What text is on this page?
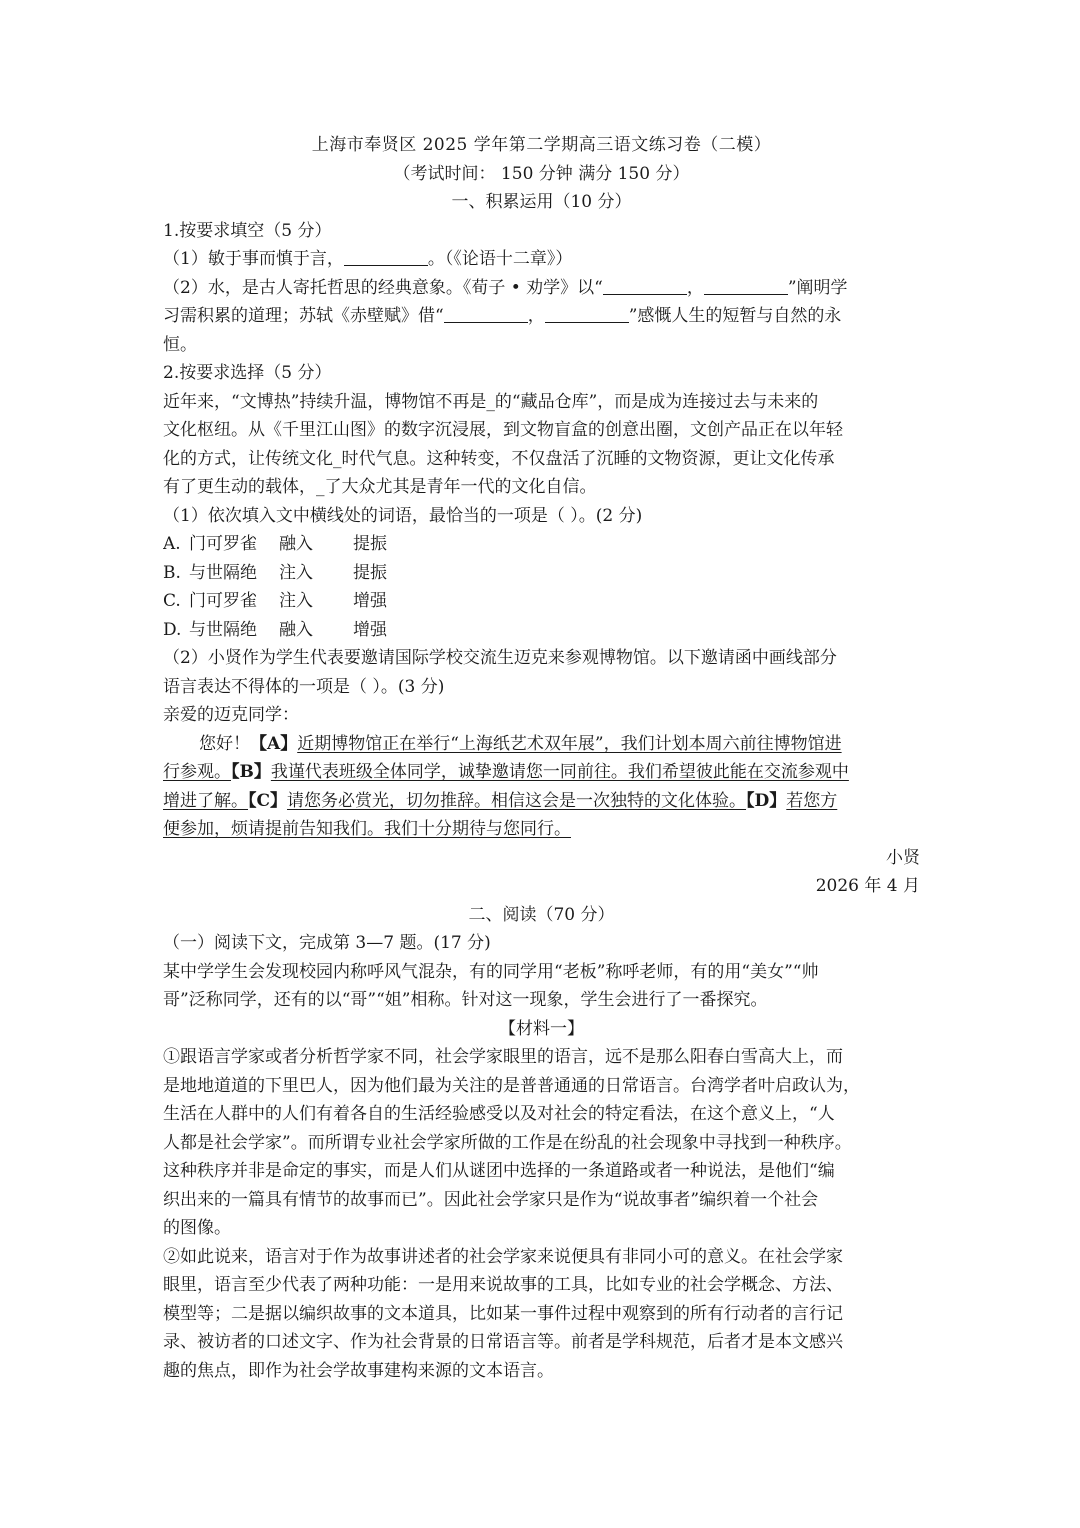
上海市奉贤区 2025 学年第二学期高三语文练习卷（二模）
（考试时间： 150 分钟 满分 150 分）
一、积累运用（10 分）
1.按要求填空（5 分）
（1）敏于事而慎于言，	。（《论语十二章》）
（2）水，是古人寄托哲思的经典意象。《荀子 • 劝学》以“	，	”阐明学
习需积累的道理；苏轼《赤壁赋》借“	，	”感慨人生的短暂与自然的永
恒。
2.按要求选择（5 分）
近年来，“文博热”持续升温，博物馆不再是_的“藏品仓库”，而是成为连接过去与未来的
文化枢纽。从《千里江山图》的数字沉浸展，到文物盲盒的创意出圈，文创产品正在以年轻
化的方式，让传统文化_时代气息。这种转变，不仅盘活了沉睡的文物资源，更让文化传承
有了更生动的载体，_了大众尤其是青年一代的文化自信。
（1）依次填入文中横线处的词语，最恰当的一项是（ ）。(2 分)
A. 门可罗雀 融入 提振
B. 与世隔绝 注入 提振
C. 门可罗雀 注入 增强
D. 与世隔绝 融入 增强
（2）小贤作为学生代表要邀请国际学校交流生迈克来参观博物馆。以下邀请函中画线部分
语言表达不得体的一项是（ ）。(3 分)
亲爱的迈克同学：
您好！【A】近期博物馆正在举行“上海纸艺术双年展”，我们计划本周六前往博物馆进
行参观。【B】我谨代表班级全体同学，诚挚邀请您一同前往。我们希望彼此能在交流参观中
增进了解。【C】请您务必赏光，切勿推辞。相信这会是一次独特的文化体验。【D】若您方
便参加，烦请提前告知我们。我们十分期待与您同行。
小贤
2026 年 4 月
二、阅读（70 分）
（一）阅读下文，完成第 3—7 题。(17 分)
某中学学生会发现校园内称呼风气混杂，有的同学用“老板”称呼老师，有的用“美女”“帅
哥”泛称同学，还有的以“哥”“姐”相称。针对这一现象，学生会进行了一番探究。
【材料一】
①跟语言学家或者分析哲学家不同，社会学家眼里的语言，远不是那么阳春白雪高大上，而
是地地道道的下里巴人，因为他们最为关注的是普普通通的日常语言。台湾学者叶启政认为，
生活在人群中的人们有着各自的生活经验感受以及对社会的特定看法，在这个意义上，“人
人都是社会学家”。而所谓专业社会学家所做的工作是在纷乱的社会现象中寻找到一种秩序。
这种秩序并非是命定的事实，而是人们从谜团中选择的一条道路或者一种说法，是他们“编
织出来的一篇具有情节的故事而已”。因此社会学家只是作为“说故事者”编织着一个社会
的图像。
②如此说来，语言对于作为故事讲述者的社会学家来说便具有非同小可的意义。在社会学家
眼里，语言至少代表了两种功能：一是用来说故事的工具，比如专业的社会学概念、方法、
模型等；二是据以编织故事的文本道具，比如某一事件过程中观察到的所有行动者的言行记
录、被访者的口述文字、作为社会背景的日常语言等。前者是学科规范，后者才是本文感兴
趣的焦点，即作为社会学故事建构来源的文本语言。
